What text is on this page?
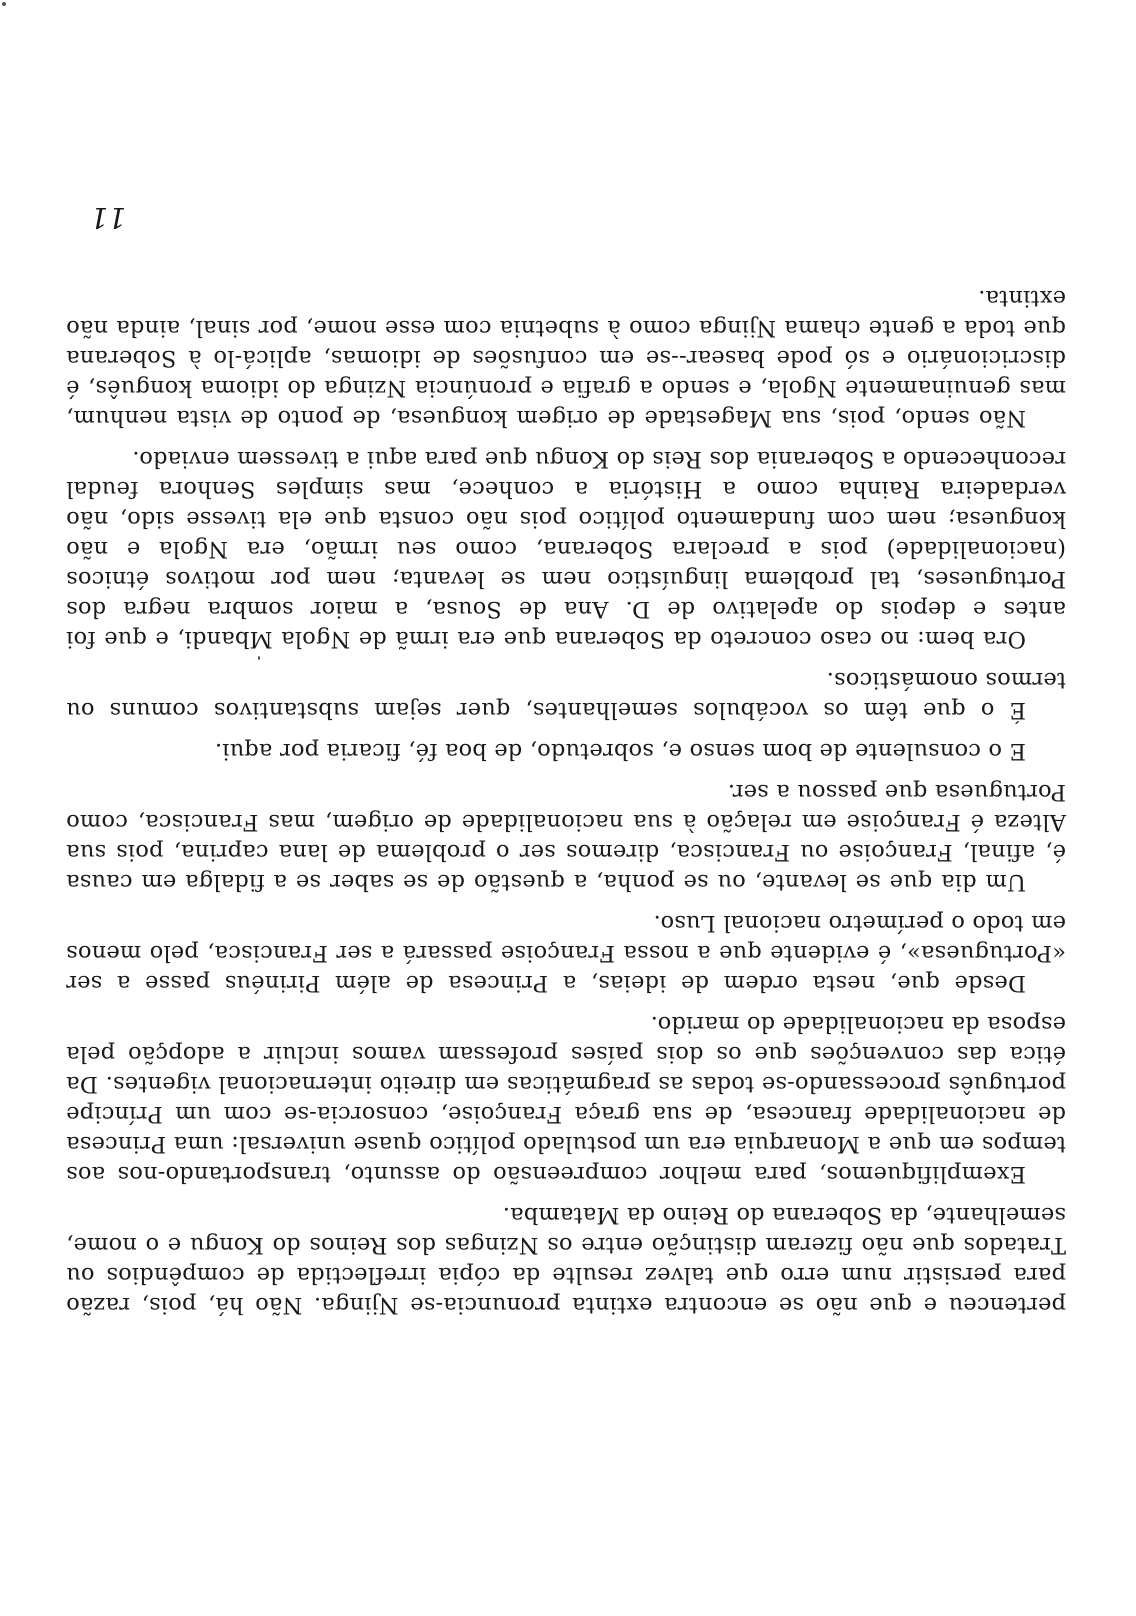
pertenceu e que não se encontra extinta pronuncia-se Njinga. Não há, pois, razão para persistir num erro que talvez resulte da cópia irreflectida de compêndios ou Tratados que não fizeram distinção entre os Nzingas dos Reinos do Kongu e o nome, semelhante, da Soberana do Reino da Matamba.

Exemplifiquemos, para melhor compreensão do assunto, transportando-nos aos tempos em que a Monarquia era um postulado político quase universal: uma Princesa de nacionalidade francesa, de sua graça Françoise, consorcia-se com um Príncipe português processando-se todas as pragmáticas em direito internacional vigentes. Da ética das convenções que os dois países professam vamos incluir a adopção pela esposa da nacionalidade do marido.

Desde que, nesta ordem de ideias, a Princesa de além Pirinéus passe a ser «Portuguesa», é evidente que a nossa Françoise passará a ser Francisca, pelo menos em todo o perímetro nacional Luso.

Um dia que se levante, ou se ponha, a questão de se saber se a fidalga em causa é, afinal, Françoise ou Francisca, diremos ser o problema de lana caprina, pois sua Alteza é Françoise em relação à sua nacionalidade de origem, mas Francisca, como Portuguesa que passou a ser.

E o consulente de bom senso e, sobretudo, de boa fé, ficaria por aqui.

É o que têm os vocábulos semelhantes, quer sejam substantivos comuns ou termos onomásticos.

Ora bem: no caso concreto da Soberana que era irmã de Ngola Mbandi, e que foi antes e depois do apelativo de D. Ana de Sousa, a maior sombra negra dos Portugueses, tal problema linguístico nem se levanta; nem por motivos étnicos (nacionalidade) pois a preclara Soberana, como seu irmão, era Ngola e não konguesa; nem com fundamento político pois não consta que ela tivesse sido, não verdadeira Rainha como a História a conhece, mas simples Senhora feudal reconhecendo a Soberania dos Reis do Kongu que para aqui a tivessem enviado.

Não sendo, pois, sua Magestade de origem konguesa, de ponto de vista nenhum, mas genuinamente Ngola, e sendo a grafia e pronúncia Nzinga do idioma konguês, é discricionário e só pode basear--se em confusões de idiomas, aplicá-lo à Soberana que toda a gente chama Njinga como à subetnia com esse nome, por sinal, ainda não extinta.

11
